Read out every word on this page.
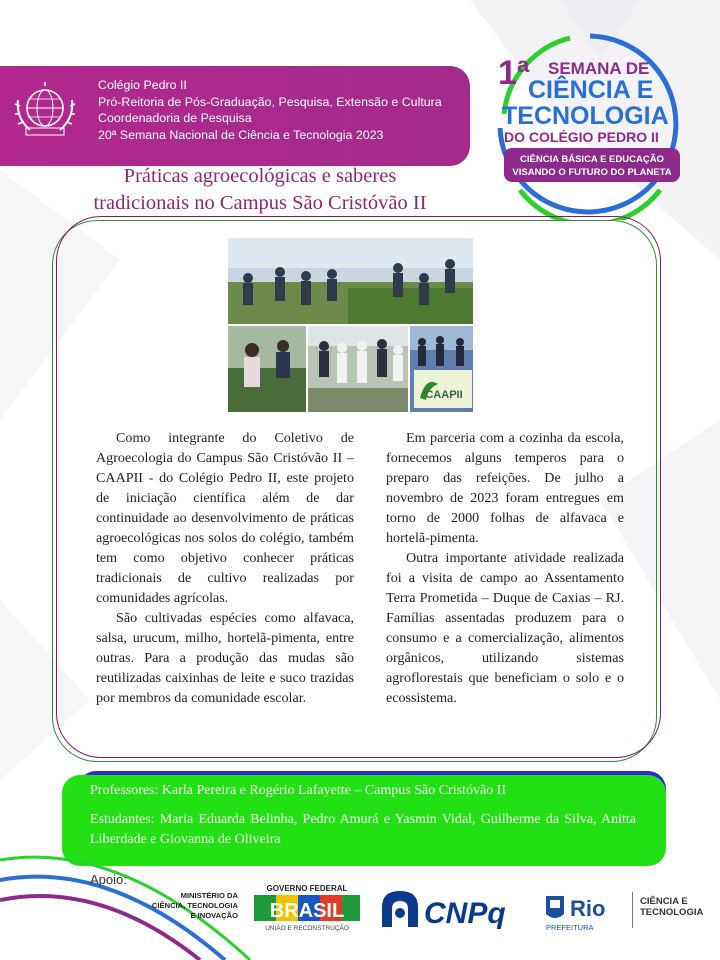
Colégio Pedro II
Pró-Reitoria de Pós-Graduação, Pesquisa, Extensão e Cultura
Coordenadoria de Pesquisa
20ª Semana Nacional de Ciência e Tecnologia 2023
1ª SEMANA DE
CIÊNCIA E
TECNOLOGIA
DO COLÉGIO PEDRO II
CIÊNCIA BÁSICA E EDUCAÇÃO
VISANDO O FUTURO DO PLANETA
Práticas agroecológicas e saberes
tradicionais no Campus São Cristóvão II
CAAPII

Como integrante do Coletivo de Agroecologia do Campus São Cristóvão II – CAAPII - do Colégio Pedro II, este projeto de iniciação científica além de dar continuidade ao desenvolvimento de práticas agroecológicas nos solos do colégio, também tem como objetivo conhecer práticas tradicionais de cultivo realizadas por comunidades agrícolas.

São cultivadas espécies como alfavaca, salsa, urucum, milho, hortelã-pimenta, entre outras. Para a produção das mudas são reutilizadas caixinhas de leite e suco trazidas por membros da comunidade escolar.

Em parceria com a cozinha da escola, fornecemos alguns temperos para o preparo das refeições. De julho a novembro de 2023 foram entregues em torno de 2000 folhas de alfavaca e hortelã-pimenta.

Outra importante atividade realizada foi a visita de campo ao Assentamento Terra Prometida – Duque de Caxias – RJ. Famílias assentadas produzem para o consumo e a comercialização, alimentos orgânicos, utilizando sistemas agroflorestais que beneficiam o solo e o ecossistema.

Professores: Karla Pereira e Rogério Lafayette – Campus São Cristóvão II
Estudantes: Maria Eduarda Belinha, Pedro Amurá e Yasmin Vidal, Guilherme da Silva, Anitta Liberdade e Giovanna de Oliveira
Apoio:
MINISTÉRIO DA
CIÊNCIA, TECNOLOGIA
E INOVAÇÃO
GOVERNO FEDERAL
BRASIL
UNIÃO E RECONSTRUÇÃO	CNPq	Rio
PREFEITURA
CIÊNCIA E
TECNOLOGIA
